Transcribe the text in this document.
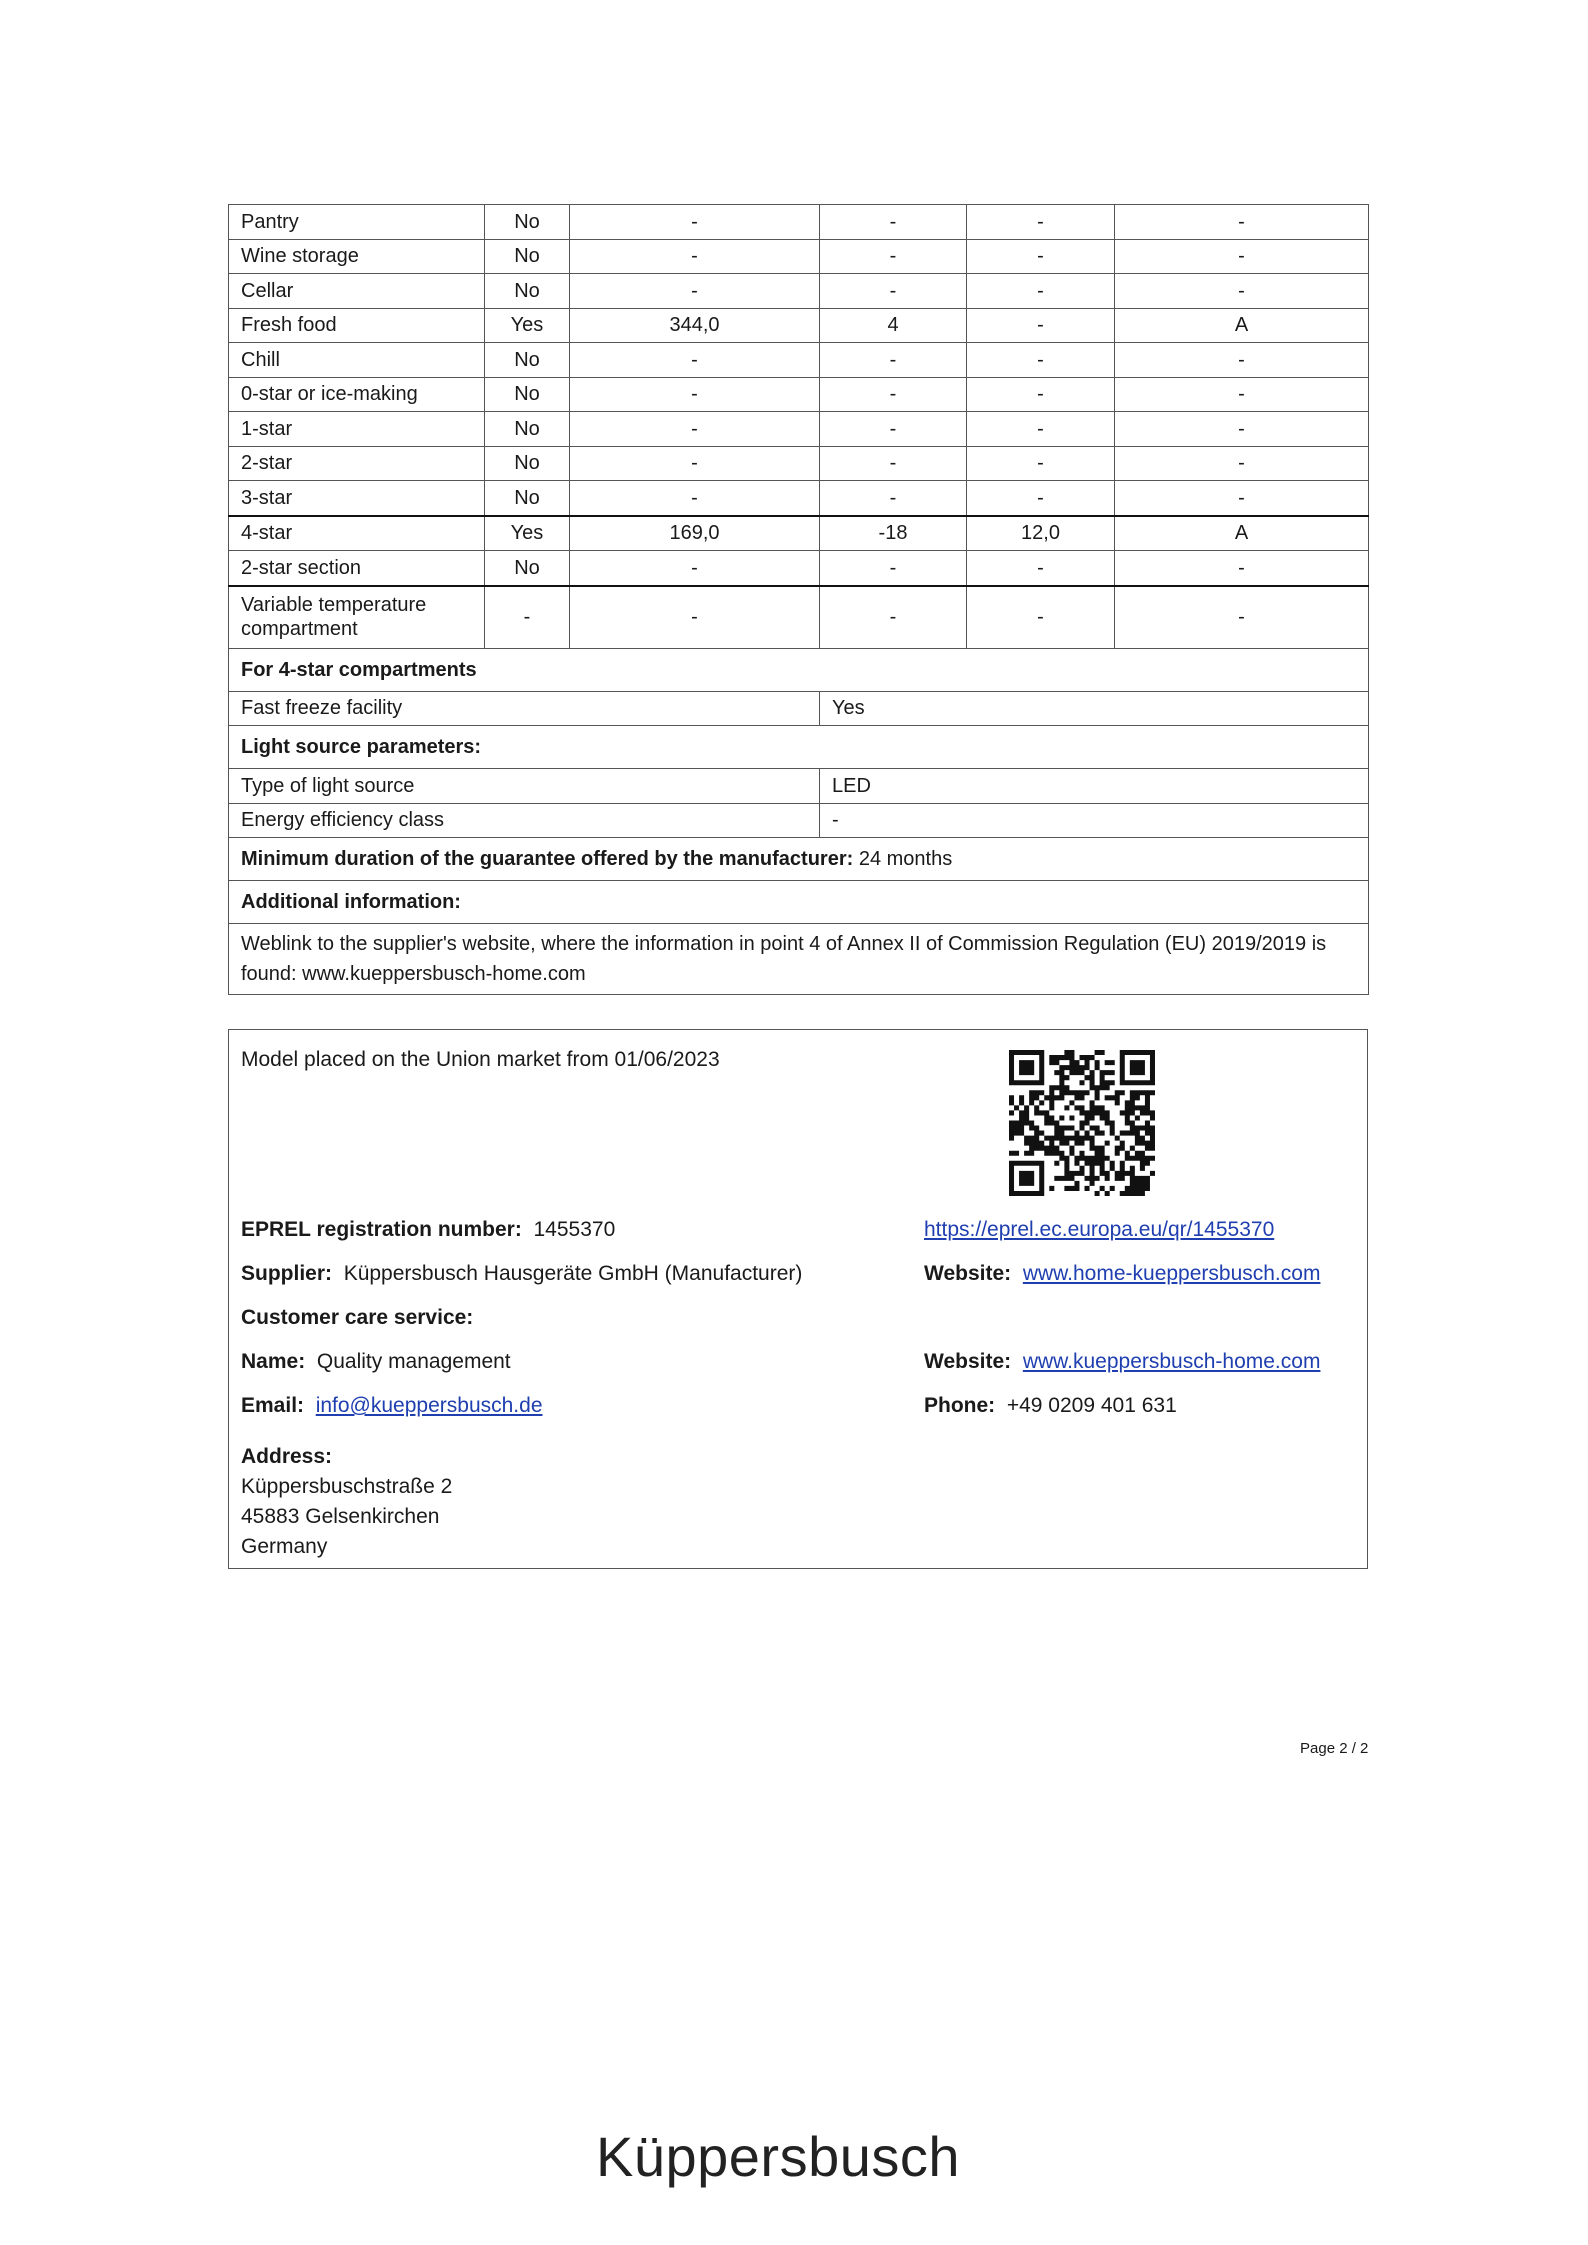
Pantry	No	-	-	-	-
Wine storage	No	-	-	-	-
Cellar	No	-	-	-	-
Fresh food	Yes	344,0	4	-	A
Chill	No	-	-	-	-
0-star or ice-making	No	-	-	-	-
1-star	No	-	-	-	-
2-star	No	-	-	-	-
3-star	No	-	-	-	-
4-star	Yes	169,0	-18	12,0	A
2-star section	No	-	-	-	-
Variable temperature compartment	-	-	-	-	-
For 4-star compartments					
Fast freeze facility			Yes		
Light source parameters:					
Type of light source			LED		
Energy efficiency class			-		
Minimum duration of the guarantee offered by the manufacturer: 24 months					
Additional information:					
Weblink to the supplier's website, where the information in point 4 of Annex II of Commission Regulation (EU) 2019/2019 is found: www.kueppersbusch-home.com					
Model placed on the Union market from 01/06/2023
EPREL registration number: 1455370	https://eprel.ec.europa.eu/qr/1455370
Supplier: Küppersbusch Hausgeräte GmbH (Manufacturer)	Website: www.home-kueppersbusch.com
Customer care service:
Name: Quality management	Website: www.kueppersbusch-home.com
Email: info@kueppersbusch.de	Phone: +49 0209 401 631
Address:
Küppersbuschstraße 2
45883 Gelsenkirchen
Germany
Page 2 / 2
Küppersbusch
